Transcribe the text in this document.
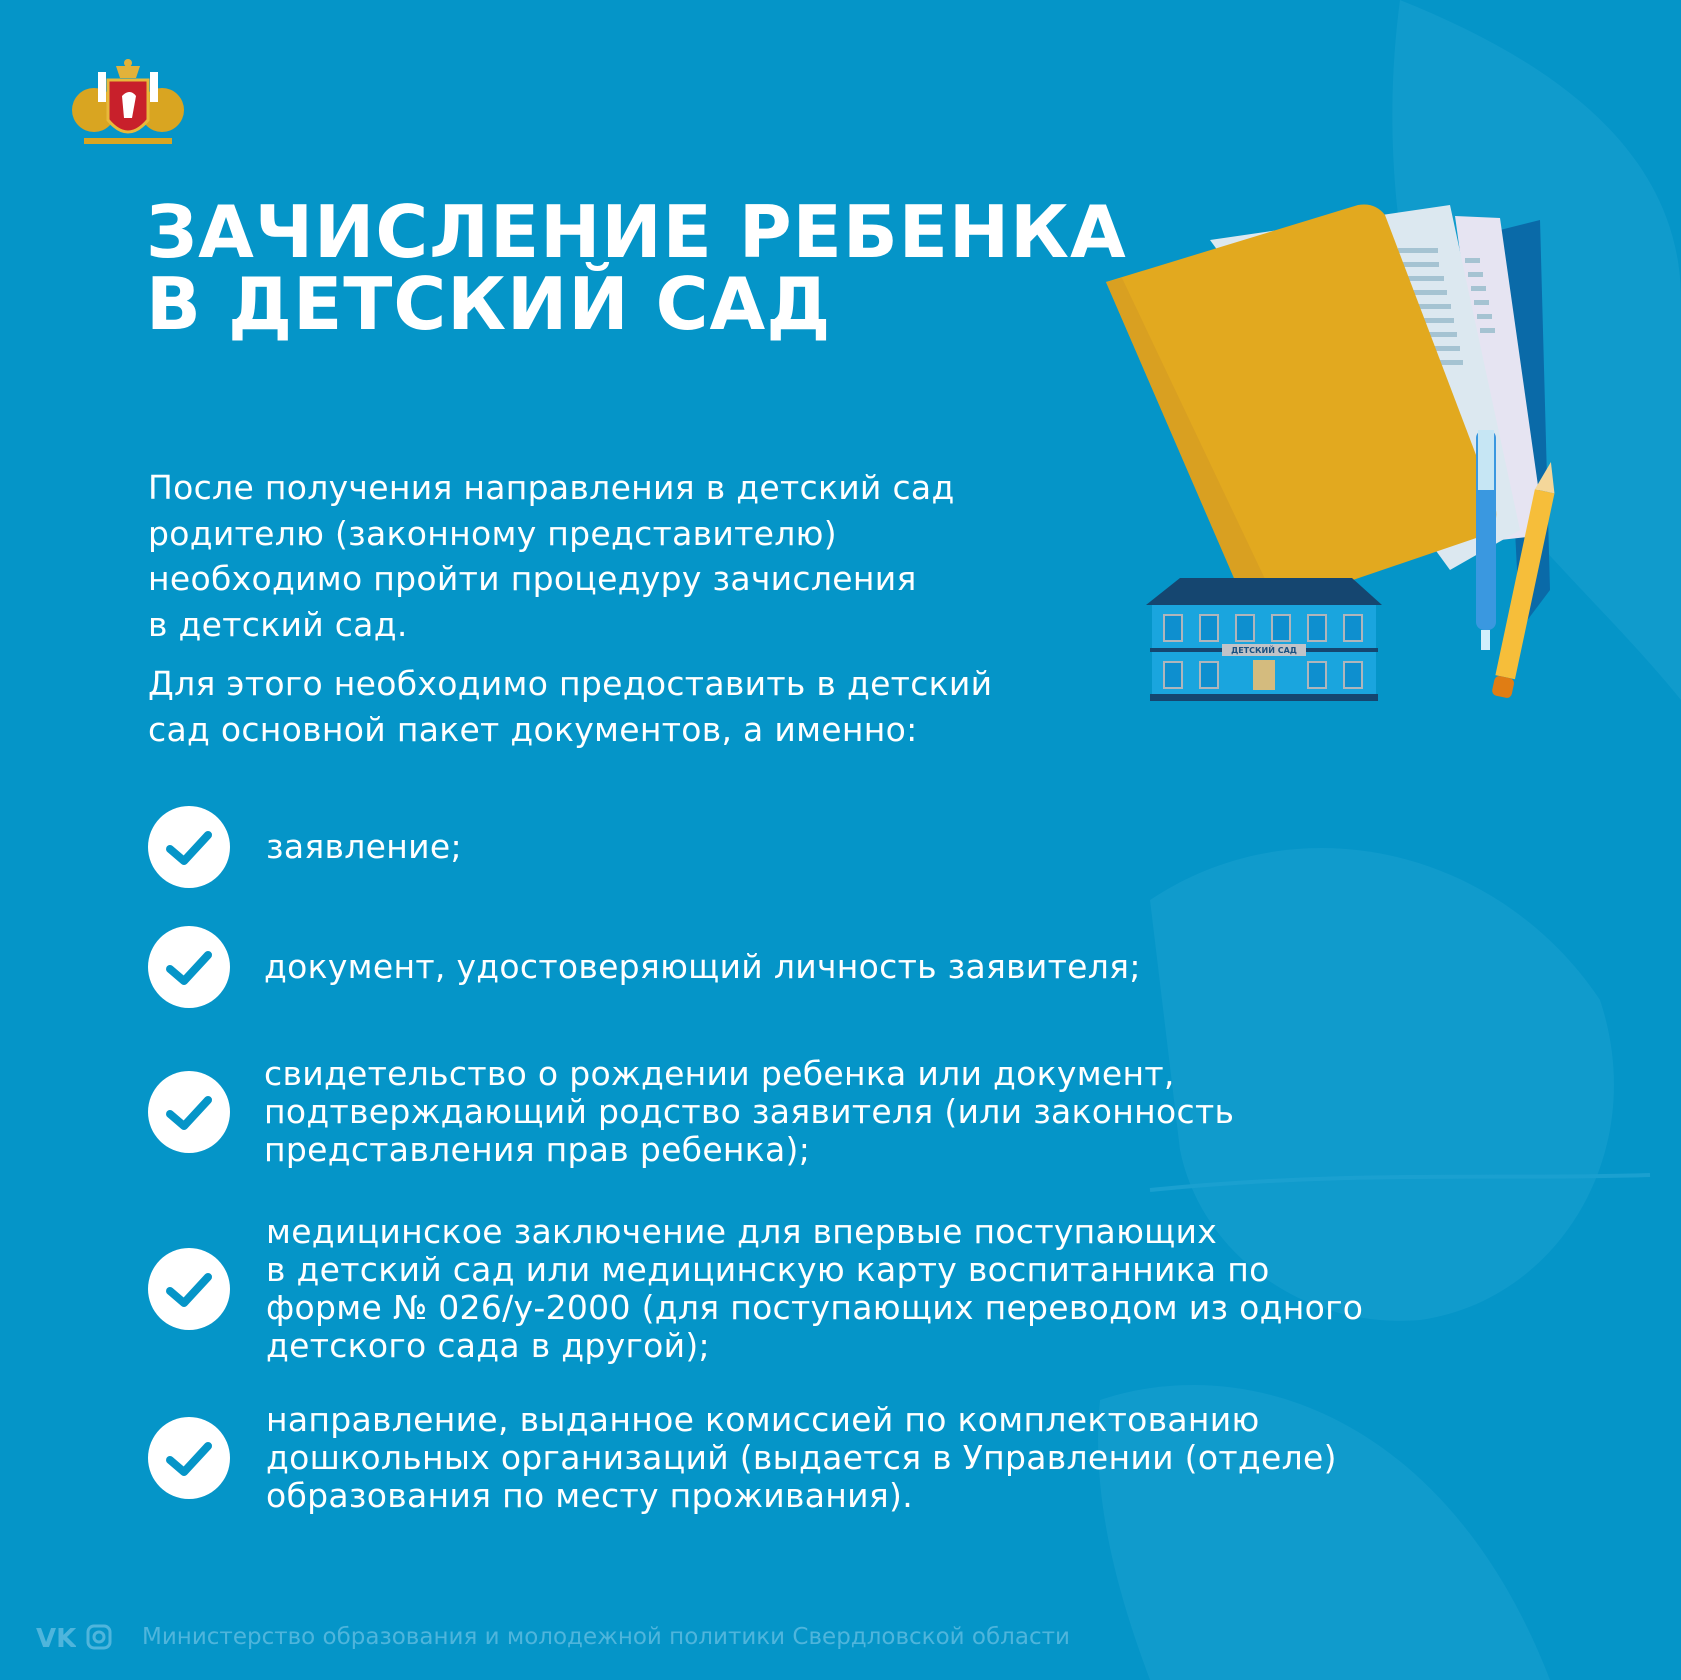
ЗАЧИСЛЕНИЕ РЕБЕНКА
В ДЕТСКИЙ САД
После получения направления в детский сад
родителю (законному представителю)
необходимо пройти процедуру зачисления
в детский сад.
Для этого необходимо предоставить в детский
сад основной пакет документов, а именно:
ДЕТСКИЙ САД
заявление;
документ, удостоверяющий личность заявителя;
свидетельство о рождении ребенка или документ,
подтверждающий родство заявителя (или законность
представления прав ребенка);
медицинское заключение для впервые поступающих
в детский сад или медицинскую карту воспитанника по
форме № 026/у-2000 (для поступающих переводом из одного
детского сада в другой);
направление, выданное комиссией по комплектованию
дошкольных организаций (выдается в Управлении (отделе)
образования по месту проживания).
VK	Министерство образования и молодежной политики Свердловской области
